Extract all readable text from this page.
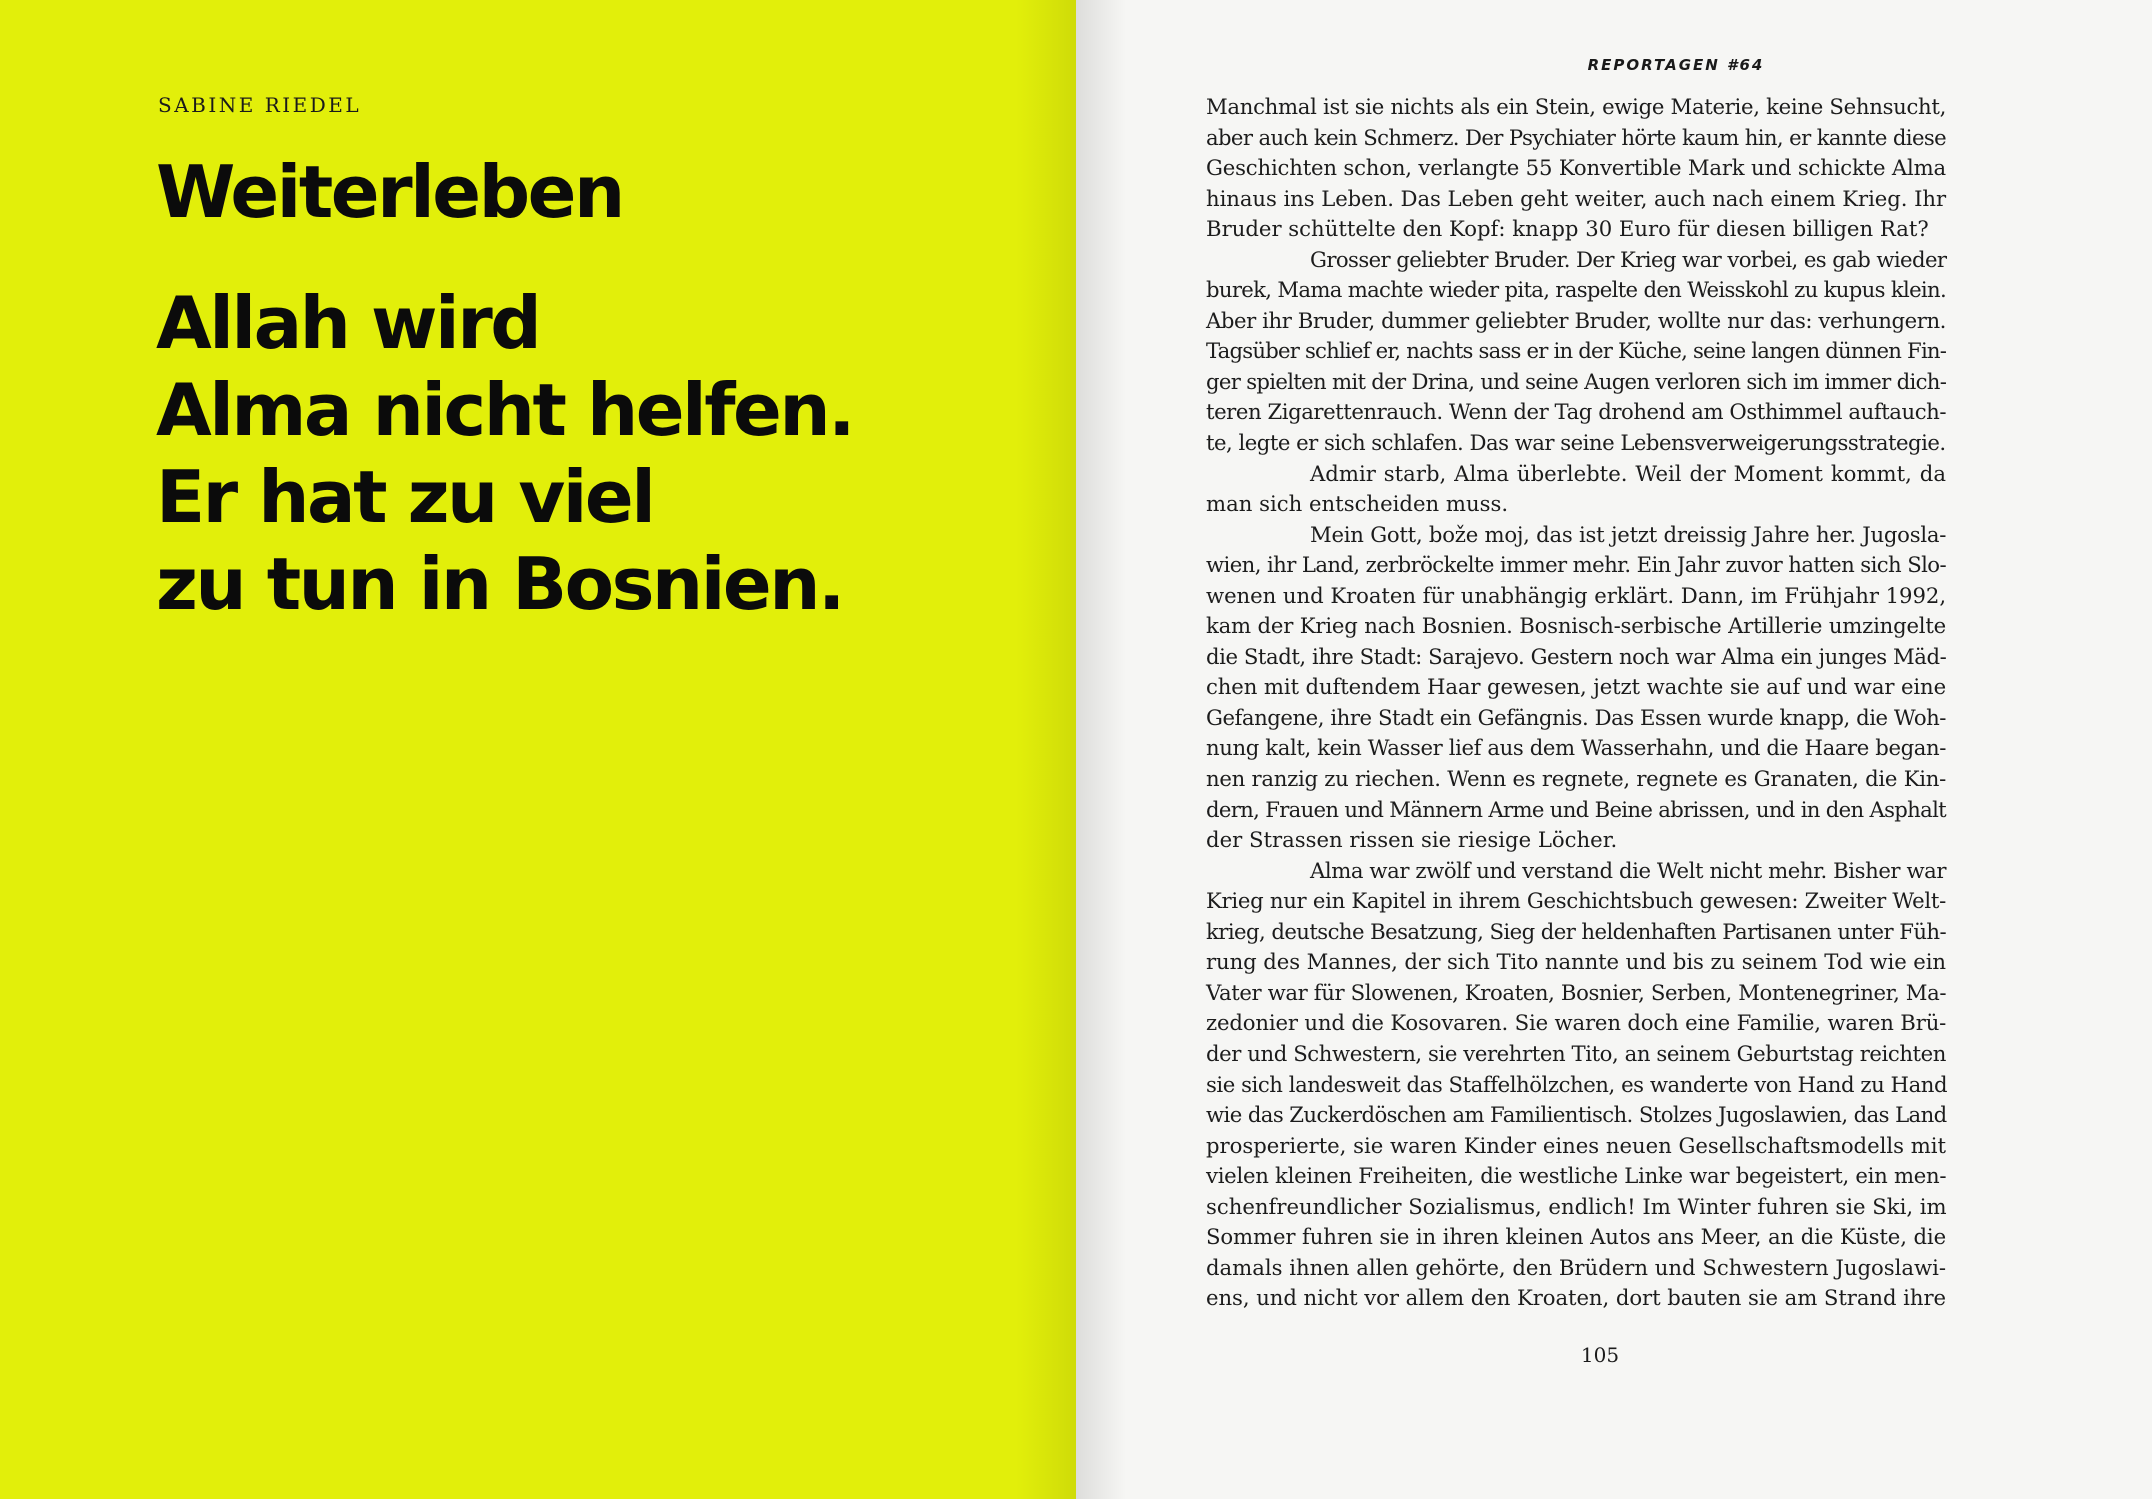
SABINE RIEDEL
Weiterleben
Allah wird
Alma nicht helfen.
Er hat zu viel
zu tun in Bosnien.
REPORTAGEN #64
Manchmal ist sie nichts als ein Stein, ewige Materie, keine Sehnsucht,
aber auch kein Schmerz. Der Psychiater hörte kaum hin, er kannte diese
Geschichten schon, verlangte 55 Konvertible Mark und schickte Alma
hinaus ins Leben. Das Leben geht weiter, auch nach einem Krieg. Ihr
Bruder schüttelte den Kopf: knapp 30 Euro für diesen billigen Rat?
Grosser geliebter Bruder. Der Krieg war vorbei, es gab wieder
burek, Mama machte wieder pita, raspelte den Weisskohl zu kupus klein.
Aber ihr Bruder, dummer geliebter Bruder, wollte nur das: verhungern.
Tagsüber schlief er, nachts sass er in der Küche, seine langen dünnen Fin-
ger spielten mit der Drina, und seine Augen verloren sich im immer dich-
teren Zigarettenrauch. Wenn der Tag drohend am Osthimmel auftauch-
te, legte er sich schlafen. Das war seine Lebensverweigerungsstrategie.
Admir starb, Alma überlebte. Weil der Moment kommt, da
man sich entscheiden muss.
Mein Gott, bože moj, das ist jetzt dreissig Jahre her. Jugosla-
wien, ihr Land, zerbröckelte immer mehr. Ein Jahr zuvor hatten sich Slo-
wenen und Kroaten für unabhängig erklärt. Dann, im Frühjahr 1992,
kam der Krieg nach Bosnien. Bosnisch-serbische Artillerie umzingelte
die Stadt, ihre Stadt: Sarajevo. Gestern noch war Alma ein junges Mäd-
chen mit duftendem Haar gewesen, jetzt wachte sie auf und war eine
Gefangene, ihre Stadt ein Gefängnis. Das Essen wurde knapp, die Woh-
nung kalt, kein Wasser lief aus dem Wasserhahn, und die Haare began-
nen ranzig zu riechen. Wenn es regnete, regnete es Granaten, die Kin-
dern, Frauen und Männern Arme und Beine abrissen, und in den Asphalt
der Strassen rissen sie riesige Löcher.
Alma war zwölf und verstand die Welt nicht mehr. Bisher war
Krieg nur ein Kapitel in ihrem Geschichtsbuch gewesen: Zweiter Welt-
krieg, deutsche Besatzung, Sieg der heldenhaften Partisanen unter Füh-
rung des Mannes, der sich Tito nannte und bis zu seinem Tod wie ein
Vater war für Slowenen, Kroaten, Bosnier, Serben, Montenegriner, Ma-
zedonier und die Kosovaren. Sie waren doch eine Familie, waren Brü-
der und Schwestern, sie verehrten Tito, an seinem Geburtstag reichten
sie sich landesweit das Staffelhölzchen, es wanderte von Hand zu Hand
wie das Zuckerdöschen am Familientisch. Stolzes Jugoslawien, das Land
prosperierte, sie waren Kinder eines neuen Gesellschaftsmodells mit
vielen kleinen Freiheiten, die westliche Linke war begeistert, ein men-
schenfreundlicher Sozialismus, endlich! Im Winter fuhren sie Ski, im
Sommer fuhren sie in ihren kleinen Autos ans Meer, an die Küste, die
damals ihnen allen gehörte, den Brüdern und Schwestern Jugoslawi-
ens, und nicht vor allem den Kroaten, dort bauten sie am Strand ihre
105
